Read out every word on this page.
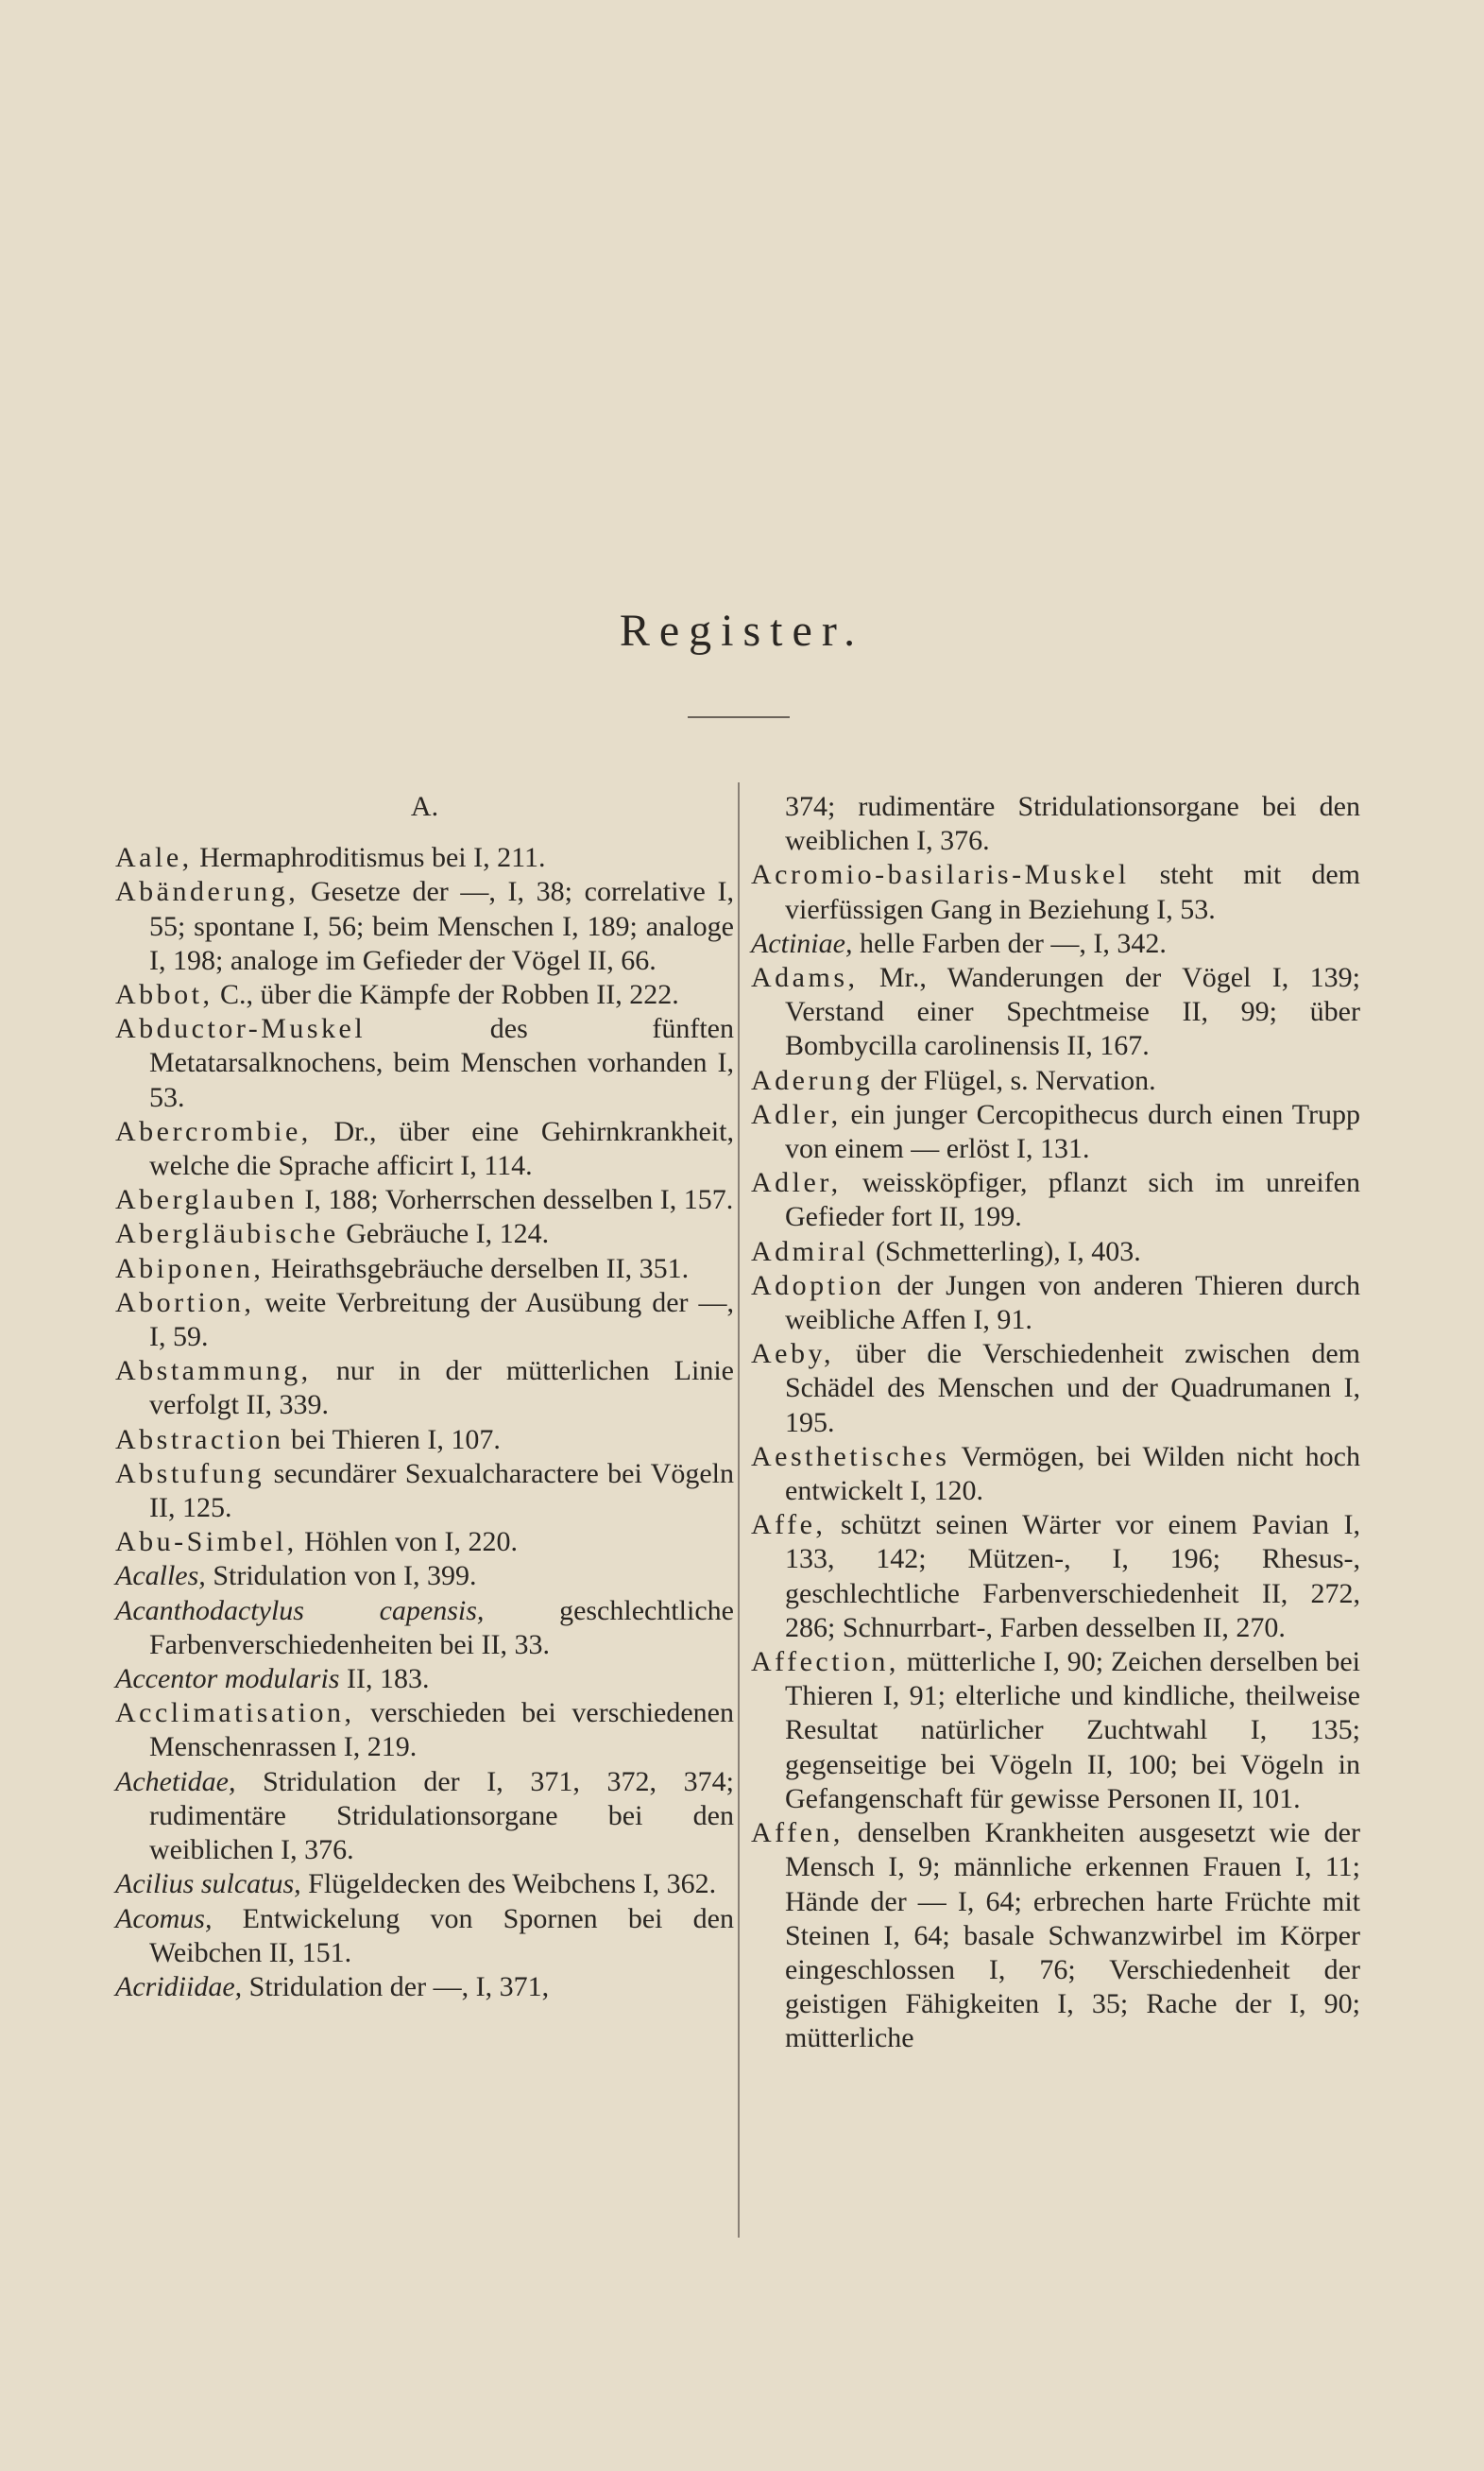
Register.
A.

Aale, Hermaphroditismus bei I, 211.

Abänderung, Gesetze der —, I, 38; correlative I, 55; spontane I, 56; beim Menschen I, 189; analoge I, 198; analoge im Gefieder der Vögel II, 66.

Abbot, C., über die Kämpfe der Robben II, 222.

Abductor-Muskel des fünften Metatarsalknochens, beim Menschen vorhanden I, 53.

Abercrombie, Dr., über eine Gehirnkrankheit, welche die Sprache afficirt I, 114.

Aberglauben I, 188; Vorherrschen desselben I, 157.

Abergläubische Gebräuche I, 124.

Abiponen, Heirathsgebräuche derselben II, 351.

Abortion, weite Verbreitung der Ausübung der —, I, 59.

Abstammung, nur in der mütterlichen Linie verfolgt II, 339.

Abstraction bei Thieren I, 107.

Abstufung secundärer Sexualcharactere bei Vögeln II, 125.

Abu-Simbel, Höhlen von I, 220.

Acalles, Stridulation von I, 399.

Acanthodactylus capensis, geschlechtliche Farbenverschiedenheiten bei II, 33.

Accentor modularis II, 183.

Acclimatisation, verschieden bei verschiedenen Menschenrassen I, 219.

Achetidae, Stridulation der I, 371, 372, 374; rudimentäre Stridulationsorgane bei den weiblichen I, 376.

Acilius sulcatus, Flügeldecken des Weibchens I, 362.

Acomus, Entwickelung von Spornen bei den Weibchen II, 151.

Acridiidae, Stridulation der —, I, 371,

374; rudimentäre Stridulationsorgane bei den weiblichen I, 376.

Acromio-basilaris-Muskel steht mit dem vierfüssigen Gang in Beziehung I, 53.

Actiniae, helle Farben der —, I, 342.

Adams, Mr., Wanderungen der Vögel I, 139; Verstand einer Spechtmeise II, 99; über Bombycilla carolinensis II, 167.

Aderung der Flügel, s. Nervation.

Adler, ein junger Cercopithecus durch einen Trupp von einem — erlöst I, 131.

Adler, weissköpfiger, pflanzt sich im unreifen Gefieder fort II, 199.

Admiral (Schmetterling), I, 403.

Adoption der Jungen von anderen Thieren durch weibliche Affen I, 91.

Aeby, über die Verschiedenheit zwischen dem Schädel des Menschen und der Quadrumanen I, 195.

Aesthetisches Vermögen, bei Wilden nicht hoch entwickelt I, 120.

Affe, schützt seinen Wärter vor einem Pavian I, 133, 142; Mützen-, I, 196; Rhesus-, geschlechtliche Farbenverschiedenheit II, 272, 286; Schnurrbart-, Farben desselben II, 270.

Affection, mütterliche I, 90; Zeichen derselben bei Thieren I, 91; elterliche und kindliche, theilweise Resultat natürlicher Zuchtwahl I, 135; gegenseitige bei Vögeln II, 100; bei Vögeln in Gefangenschaft für gewisse Personen II, 101.

Affen, denselben Krankheiten ausgesetzt wie der Mensch I, 9; männliche erkennen Frauen I, 11; Hände der — I, 64; erbrechen harte Früchte mit Steinen I, 64; basale Schwanzwirbel im Körper eingeschlossen I, 76; Verschiedenheit der geistigen Fähigkeiten I, 35; Rache der I, 90; mütterliche
